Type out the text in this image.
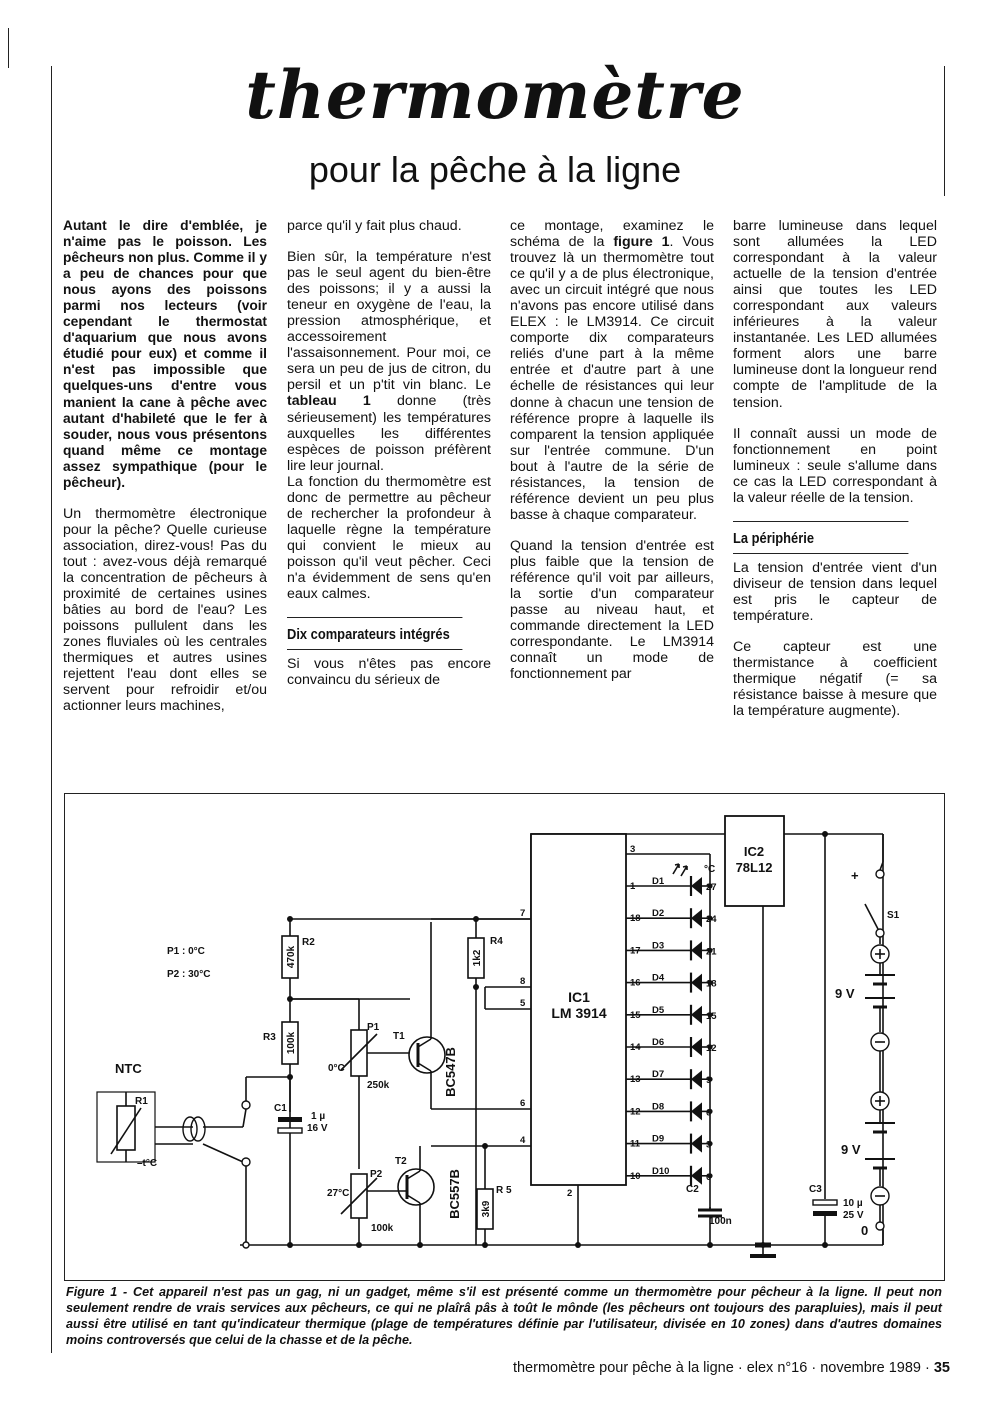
thermomètre
pour la pêche à la ligne

Autant le dire d'emblée, je n'aime pas le poisson. Les pêcheurs non plus. Comme il y a peu de chances pour que nous ayons des poissons parmi nos lecteurs (voir cependant le thermostat d'aquarium que nous avons étudié pour eux) et comme il n'est pas impossible que quelques-uns d'entre vous manient la cane à pêche avec autant d'habileté que le fer à souder, nous vous présentons quand même ce montage assez sympathique (pour le pêcheur).

Un thermomètre électronique pour la pêche? Quelle curieuse association, direz-vous! Pas du tout : avez-vous déjà remarqué la concentration de pêcheurs à proximité de certaines usines bâties au bord de l'eau? Les poissons pullulent dans les zones fluviales où les centrales thermiques et autres usines rejettent l'eau dont elles se servent pour refroidir et/ou actionner leurs machines,

parce qu'il y fait plus chaud.

Bien sûr, la température n'est pas le seul agent du bien-être des poissons; il y a aussi la teneur en oxygène de l'eau, la pression atmosphérique, et accessoirement l'assaisonnement. Pour moi, ce sera un peu de jus de citron, du persil et un p'tit vin blanc. Le tableau 1 donne (très sérieusement) les températures auxquelles les différentes espèces de poisson préfèrent lire leur journal.

La fonction du thermomètre est donc de permettre au pêcheur de rechercher la profondeur à laquelle règne la température qui convient le mieux au poisson qu'il veut pêcher. Ceci n'a évidemment de sens qu'en eaux calmes.

Dix comparateurs intégrés

Si vous n'êtes pas encore convaincu du sérieux de

ce montage, examinez le schéma de la figure 1. Vous trouvez là un thermomètre tout ce qu'il y a de plus électronique, avec un circuit intégré que nous n'avons pas encore utilisé dans ELEX : le LM3914. Ce circuit comporte dix comparateurs reliés d'une part à la même entrée et d'autre part à une échelle de résistances qui leur donne à chacun une tension de référence propre à laquelle ils comparent la tension appliquée sur l'entrée commune. D'un bout à l'autre de la série de résistances, la tension de référence devient un peu plus basse à chaque comparateur.

Quand la tension d'entrée est plus faible que la tension de référence qu'il voit par ailleurs, la sortie d'un comparateur passe au niveau haut, et commande directement la LED correspondante. Le LM3914 connaît un mode de fonctionnement par

barre lumineuse dans lequel sont allumées la LED correspondant à la valeur actuelle de la tension d'entrée ainsi que toutes les LED correspondant aux valeurs inférieures à la valeur instantanée. Les LED allumées forment alors une barre lumineuse dont la longueur rend compte de l'amplitude de la tension.

Il connaît aussi un mode de fonctionnement en point lumineux : seule s'allume dans ce cas la LED correspondant à la valeur réelle de la tension.

La périphérie

La tension d'entrée vient d'un diviseur de tension dans lequel est pris le capteur de température.

Ce capteur est une thermistance à coefficient thermique négatif (= sa résistance baisse à mesure que la température augmente).

470k
R2
100k
R3
C1
1 µ
16 V
NTC
R1
–t°C
P1 : 0°C
P2 : 30°C
P1
0°C
250k
T1
BC547B
1k2
R4
T2
BC557B
P2
27°C
100k
3k9
R 5
IC1
LM 3914
7
8
5
6
4
2
3	IC2
78L12
1 D1
27
18 D2
24
17 D3
21
16 D4
18
15 D5
15
14 D6
12
13 D7
9
12 D8
6
11 D9
3
10 D10
0
°C
C2
100n
C3
10 µ
25 V
+
S1
9 V
9 V
0

Figure 1 - Cet appareil n'est pas un gag, ni un gadget, même s'il est présenté comme un thermomètre pour pêcheur à la ligne. Il peut non seulement rendre de vrais services aux pêcheurs, ce qui ne plaîrâ pâs à toût le mônde (les pêcheurs ont toujours des parapluies), mais il peut aussi être utilisé en tant qu'indicateur thermique (plage de températures définie par l'utilisateur, divisée en 10 zones) dans d'autres domaines moins controversés que celui de la chasse et de la pêche.

thermomètre pour pêche à la ligne · elex n°16 · novembre 1989 · 35
